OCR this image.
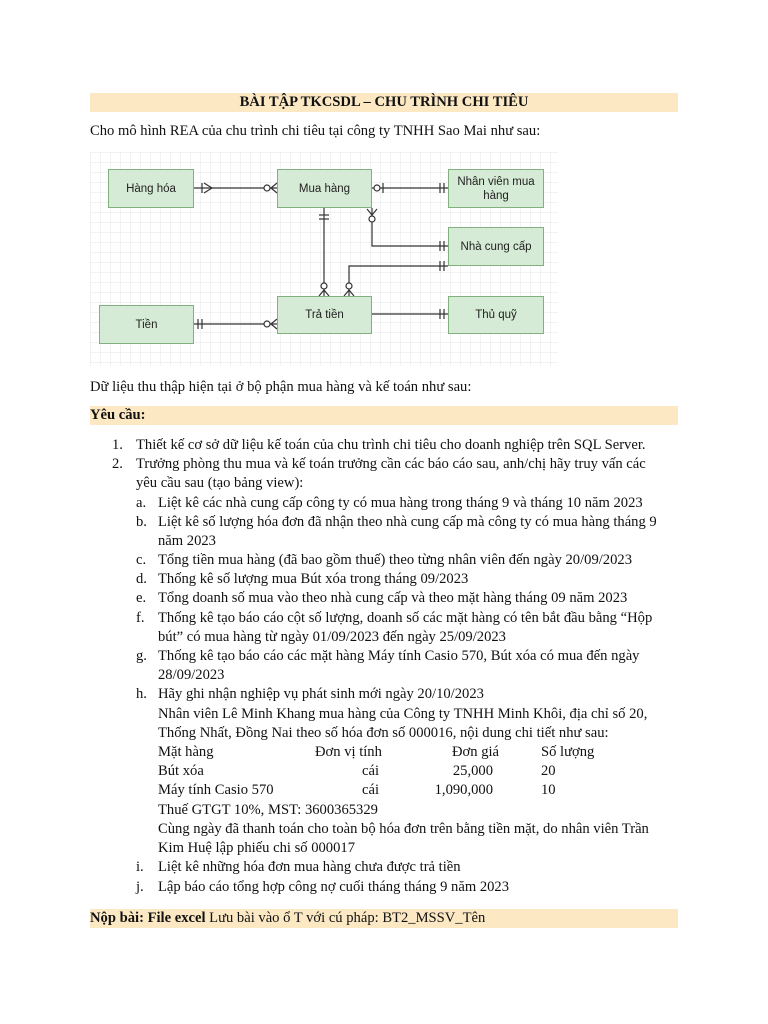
BÀI TẬP TKCSDL – CHU TRÌNH CHI TIÊU
Cho mô hình REA của chu trình chi tiêu tại công ty TNHH Sao Mai như sau:
Hàng hóa	Mua hàng
Nhân viên mua
hàng
Nhà cung cấp
Tiền
Trả tiền	Thủ quỹ
Dữ liệu thu thập hiện tại ở bộ phận mua hàng và kế toán như sau:
Yêu cầu:
1. Thiết kế cơ sở dữ liệu kế toán của chu trình chi tiêu cho doanh nghiệp trên SQL Server.
2. Trưởng phòng thu mua và kế toán trưởng cần các báo cáo sau, anh/chị hãy truy vấn các
yêu cầu sau (tạo bảng view):
a. Liệt kê các nhà cung cấp công ty có mua hàng trong tháng 9 và tháng 10 năm 2023
b. Liệt kê số lượng hóa đơn đã nhận theo nhà cung cấp mà công ty có mua hàng tháng 9
năm 2023
c. Tổng tiền mua hàng (đã bao gồm thuế) theo từng nhân viên đến ngày 20/09/2023
d. Thống kê số lượng mua Bút xóa trong tháng 09/2023
e. Tổng doanh số mua vào theo nhà cung cấp và theo mặt hàng tháng 09 năm 2023
f. Thống kê tạo báo cáo cột số lượng, doanh số các mặt hàng có tên bắt đầu bằng “Hộp
bút” có mua hàng từ ngày 01/09/2023 đến ngày 25/09/2023
g. Thống kê tạo báo cáo các mặt hàng Máy tính Casio 570, Bút xóa có mua đến ngày
28/09/2023
h. Hãy ghi nhận nghiệp vụ phát sinh mới ngày 20/10/2023
Nhân viên Lê Minh Khang mua hàng của Công ty TNHH Minh Khôi, địa chỉ số 20,
Thống Nhất, Đồng Nai theo số hóa đơn số 000016, nội dung chi tiết như sau:
Mặt hàng	Đơn vị tính	Đơn giá	Số lượng
Bút xóa	cái	25,000	20
Máy tính Casio 570	cái	1,090,000	10
Thuế GTGT 10%, MST: 3600365329
Cùng ngày đã thanh toán cho toàn bộ hóa đơn trên bằng tiền mặt, do nhân viên Trần
Kim Huệ lập phiếu chi số 000017
i. Liệt kê những hóa đơn mua hàng chưa được trả tiền
j. Lập báo cáo tổng hợp công nợ cuối tháng tháng 9 năm 2023
Nộp bài: File excel Lưu bài vào ổ T với cú pháp: BT2_MSSV_Tên
